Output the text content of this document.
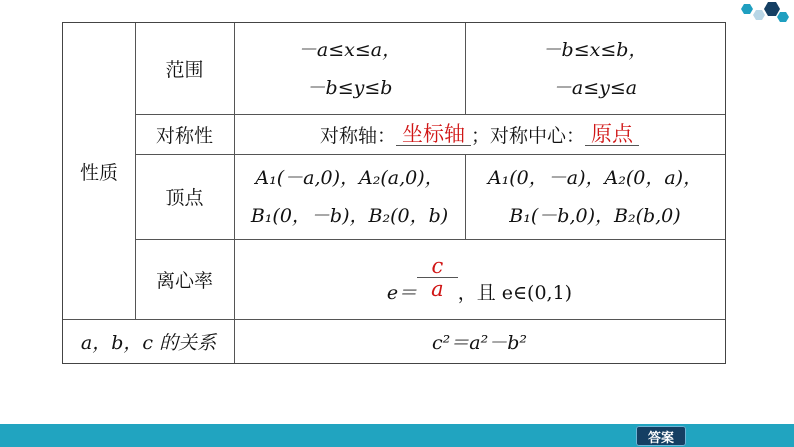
性质
范围
－a≤x≤a，
－b≤y≤b
－b≤x≤b，
－a≤y≤a
对称性	对称轴： 坐标轴 ；对称中心： 原点
顶点
A₁(－a,0)，A₂(a,0)，
B₁(0，－b)，B₂(0，b)
A₁(0，－a)，A₂(0，a)，
B₁(－b,0)，B₂(b,0)
离心率
$e= \frac{c}{a}$ ，且 e∈(0,1)
a，b，c 的关系	c²＝a²－b²
答案
